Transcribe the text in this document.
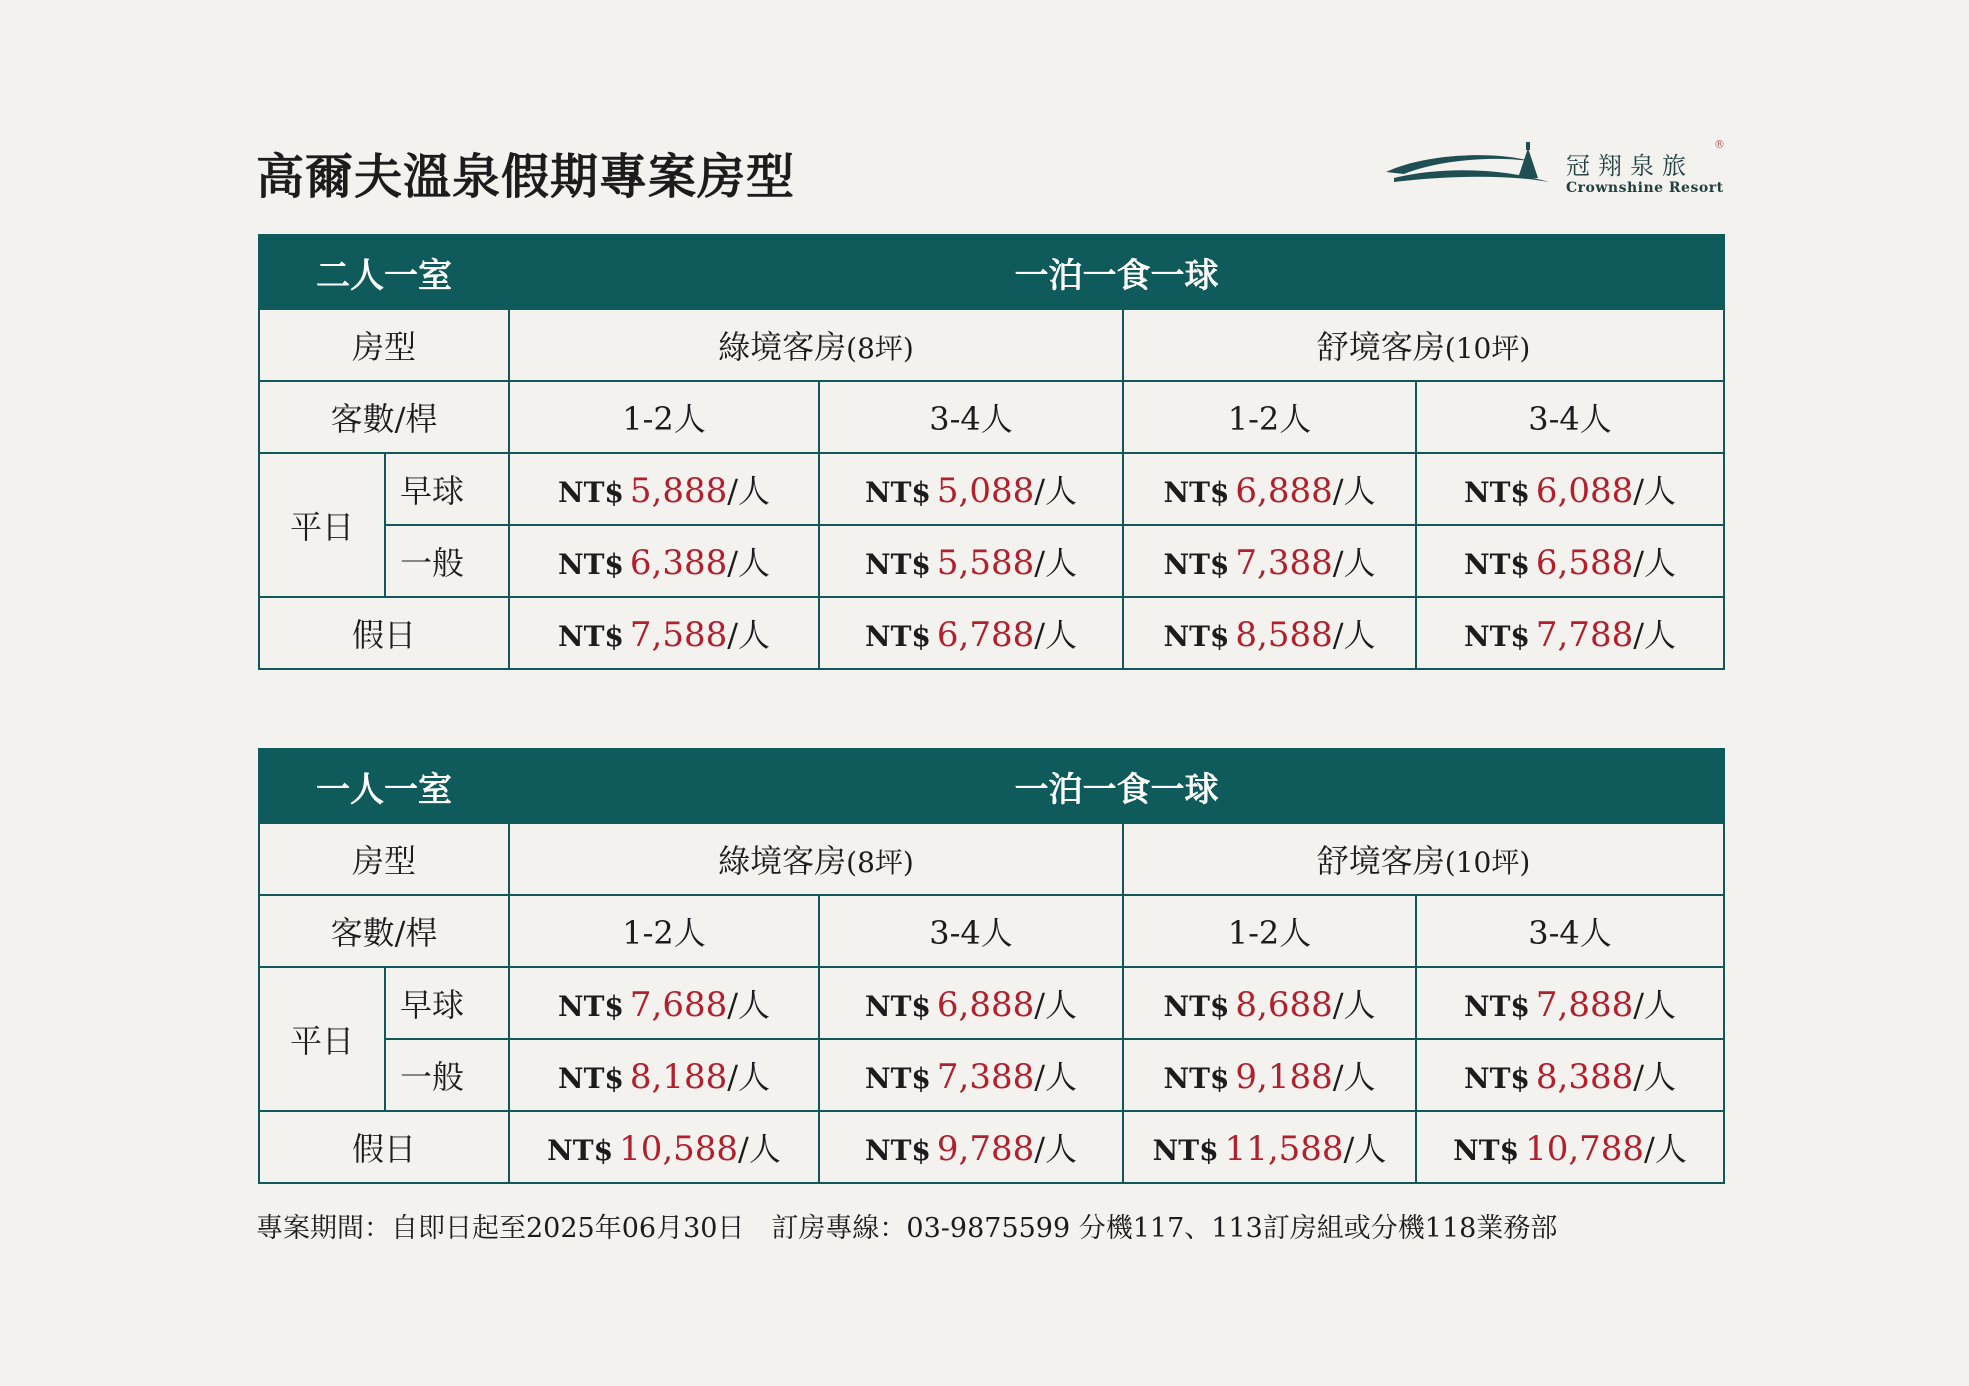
高爾夫溫泉假期專案房型	冠翔泉旅
®
Crownshine Resort
二人一室		一泊一食一球			
房型		綠境客房(8坪)		舒境客房(10坪)	
客數/桿		1-2人	3-4人	1-2人	3-4人
平日	早球	NT$ 5,888/人	NT$ 5,088/人	NT$ 6,888/人	NT$ 6,088/人
	一般	NT$ 6,388/人	NT$ 5,588/人	NT$ 7,388/人	NT$ 6,588/人
假日		NT$ 7,588/人	NT$ 6,788/人	NT$ 8,588/人	NT$ 7,788/人
一人一室		一泊一食一球			
房型		綠境客房(8坪)		舒境客房(10坪)	
客數/桿		1-2人	3-4人	1-2人	3-4人
平日	早球	NT$ 7,688/人	NT$ 6,888/人	NT$ 8,688/人	NT$ 7,888/人
	一般	NT$ 8,188/人	NT$ 7,388/人	NT$ 9,188/人	NT$ 8,388/人
假日		NT$ 10,588/人	NT$ 9,788/人	NT$ 11,588/人	NT$ 10,788/人

專案期間：自即日起至2025年06月30日　訂房專線：03-9875599 分機117、113訂房組或分機118業務部
